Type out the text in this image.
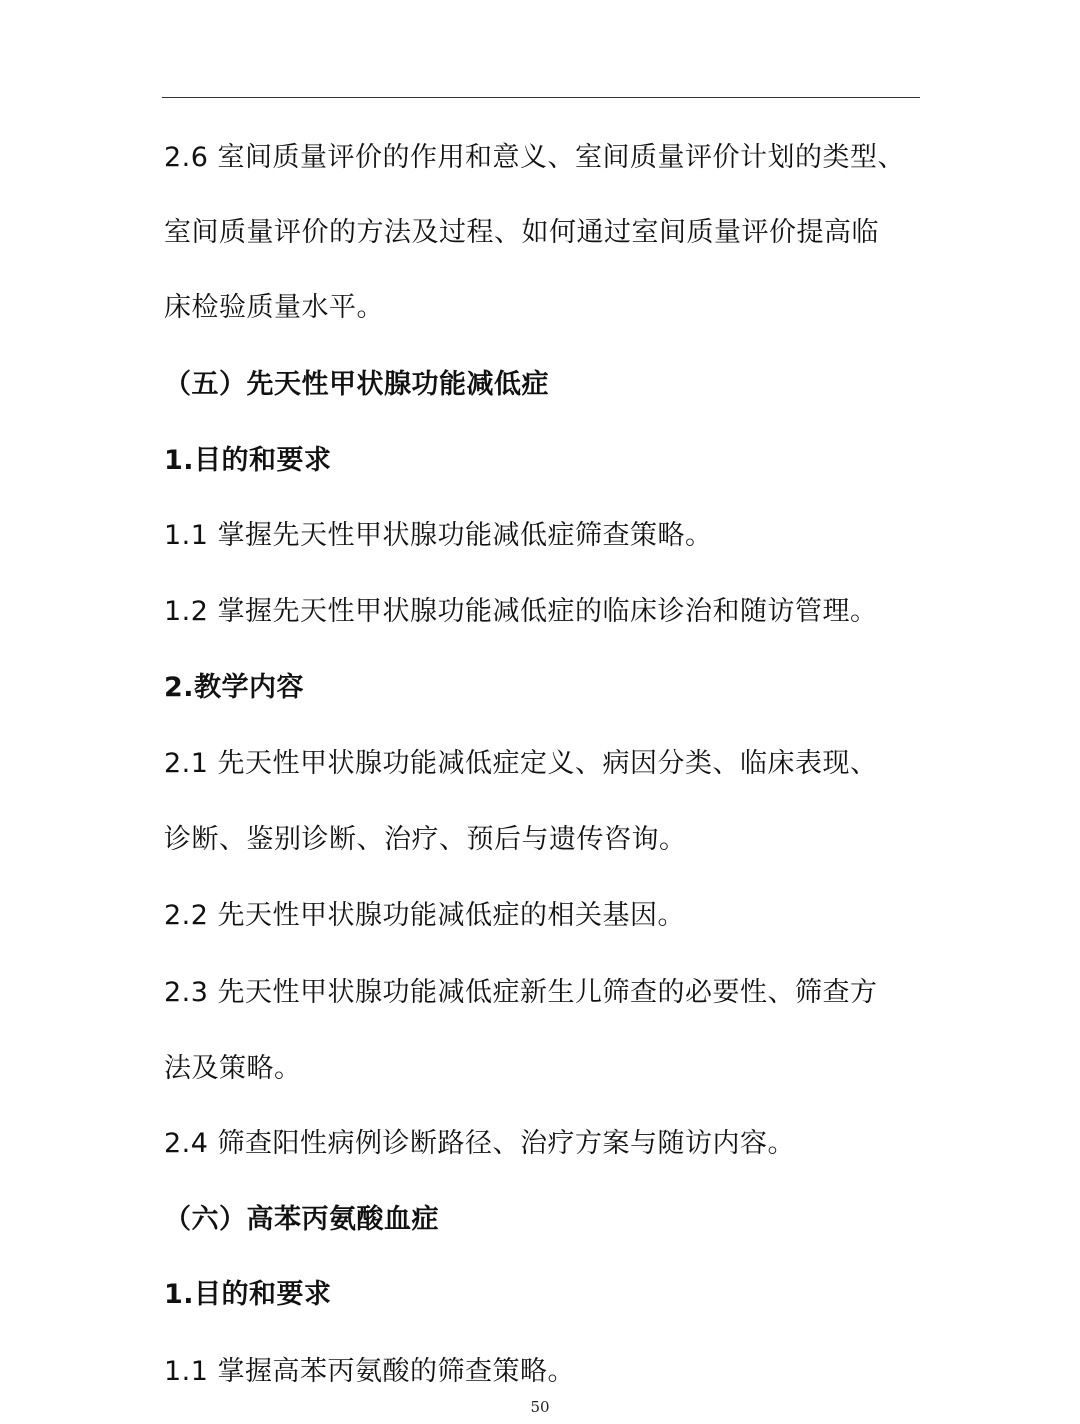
2.6 室间质量评价的作用和意义、室间质量评价计划的类型、
室间质量评价的方法及过程、如何通过室间质量评价提高临
床检验质量水平。
（五）先天性甲状腺功能减低症
1.目的和要求
1.1 掌握先天性甲状腺功能减低症筛查策略。
1.2 掌握先天性甲状腺功能减低症的临床诊治和随访管理。
2.教学内容
2.1 先天性甲状腺功能减低症定义、病因分类、临床表现、
诊断、鉴别诊断、治疗、预后与遗传咨询。
2.2 先天性甲状腺功能减低症的相关基因。
2.3 先天性甲状腺功能减低症新生儿筛查的必要性、筛查方
法及策略。
2.4 筛查阳性病例诊断路径、治疗方案与随访内容。
（六）高苯丙氨酸血症
1.目的和要求
1.1 掌握高苯丙氨酸的筛查策略。
50
